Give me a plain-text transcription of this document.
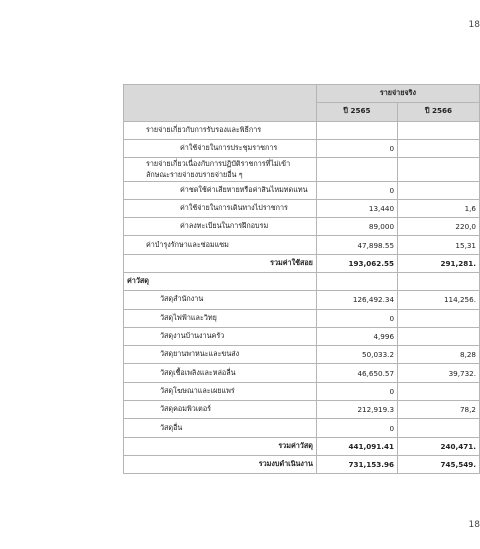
18
	รายจ่ายจริง	
	ปี 2565	ปี 2566
รายจ่ายเกี่ยวกับการรับรองและพิธีการ		
ค่าใช้จ่ายในการประชุมราชการ	0	
รายจ่ายเกี่ยวเนื่องกับการปฏิบัติราชการที่ไม่เข้าลักษณะรายจ่ายงบรายจ่ายอื่น ๆ		
ค่าชดใช้ค่าเสียหายหรือค่าสินไหมทดแทน	0	
ค่าใช้จ่ายในการเดินทางไปราชการ	13,440	1,6
ค่าลงทะเบียนในการฝึกอบรม	89,000	220,0
ค่าบำรุงรักษาและซ่อมแซม	47,898.55	15,31
รวมค่าใช้สอย	193,062.55	291,281.
ค่าวัสดุ		
วัสดุสำนักงาน	126,492.34	114,256.
วัสดุไฟฟ้าและวิทยุ	0	
วัสดุงานบ้านงานครัว	4,996	
วัสดุยานพาหนะและขนส่ง	50,033.2	8,28
วัสดุเชื้อเพลิงและหล่อลื่น	46,650.57	39,732.
วัสดุโฆษณาและเผยแพร่	0	
วัสดุคอมพิวเตอร์	212,919.3	78,2
วัสดุอื่น	0	
รวมค่าวัสดุ	441,091.41	240,471.
รวมงบดำเนินงาน	731,153.96	745,549.
18
